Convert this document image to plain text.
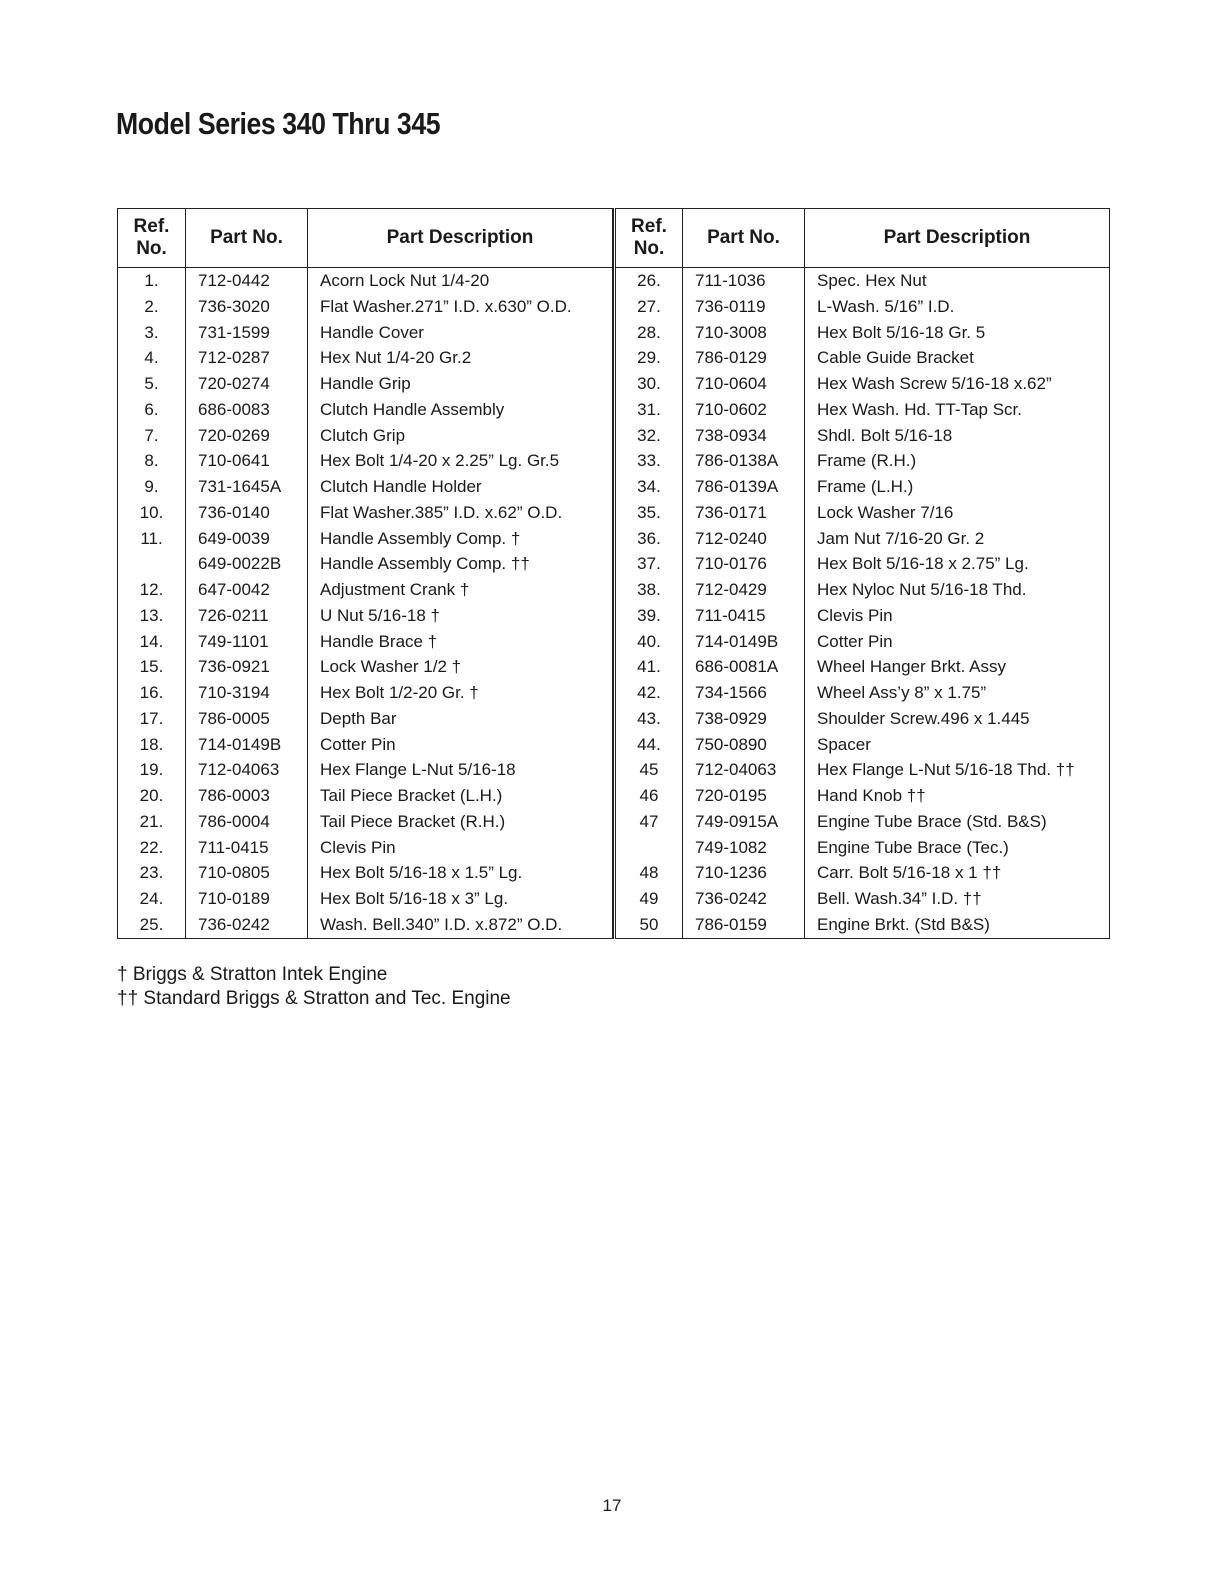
Model Series 340 Thru 345
Ref.
No.	Part No.	Part Description
1.	712-0442	Acorn Lock Nut 1/4-20
2.	736-3020	Flat Washer.271” I.D. x.630” O.D.
3.	731-1599	Handle Cover
4.	712-0287	Hex Nut 1/4-20 Gr.2
5.	720-0274	Handle Grip
6.	686-0083	Clutch Handle Assembly
7.	720-0269	Clutch Grip
8.	710-0641	Hex Bolt 1/4-20 x 2.25” Lg. Gr.5
9.	731-1645A	Clutch Handle Holder
10.	736-0140	Flat Washer.385” I.D. x.62” O.D.
11.	649-0039	Handle Assembly Comp. †
	649-0022B	Handle Assembly Comp. ††
12.	647-0042	Adjustment Crank †
13.	726-0211	U Nut 5/16-18 †
14.	749-1101	Handle Brace †
15.	736-0921	Lock Washer 1/2 †
16.	710-3194	Hex Bolt 1/2-20 Gr. †
17.	786-0005	Depth Bar
18.	714-0149B	Cotter Pin
19.	712-04063	Hex Flange L-Nut 5/16-18
20.	786-0003	Tail Piece Bracket (L.H.)
21.	786-0004	Tail Piece Bracket (R.H.)
22.	711-0415	Clevis Pin
23.	710-0805	Hex Bolt 5/16-18 x 1.5” Lg.
24.	710-0189	Hex Bolt 5/16-18 x 3” Lg.
25.	736-0242	Wash. Bell.340” I.D. x.872” O.D.

Ref.
No.	Part No.	Part Description
26.	711-1036	Spec. Hex Nut
27.	736-0119	L-Wash. 5/16” I.D.
28.	710-3008	Hex Bolt 5/16-18 Gr. 5
29.	786-0129	Cable Guide Bracket
30.	710-0604	Hex Wash Screw 5/16-18 x.62”
31.	710-0602	Hex Wash. Hd. TT-Tap Scr.
32.	738-0934	Shdl. Bolt 5/16-18
33.	786-0138A	Frame (R.H.)
34.	786-0139A	Frame (L.H.)
35.	736-0171	Lock Washer 7/16
36.	712-0240	Jam Nut 7/16-20 Gr. 2
37.	710-0176	Hex Bolt 5/16-18 x 2.75” Lg.
38.	712-0429	Hex Nyloc Nut 5/16-18 Thd.
39.	711-0415	Clevis Pin
40.	714-0149B	Cotter Pin
41.	686-0081A	Wheel Hanger Brkt. Assy
42.	734-1566	Wheel Ass’y 8” x 1.75”
43.	738-0929	Shoulder Screw.496 x 1.445
44.	750-0890	Spacer
45	712-04063	Hex Flange L-Nut 5/16-18 Thd. ††
46	720-0195	Hand Knob ††
47	749-0915A	Engine Tube Brace (Std. B&S)
	749-1082	Engine Tube Brace (Tec.)
48	710-1236	Carr. Bolt 5/16-18 x 1 ††
49	736-0242	Bell. Wash.34” I.D. ††
50	786-0159	Engine Brkt. (Std B&S)

† Briggs & Stratton Intek Engine
†† Standard Briggs & Stratton and Tec. Engine
17
